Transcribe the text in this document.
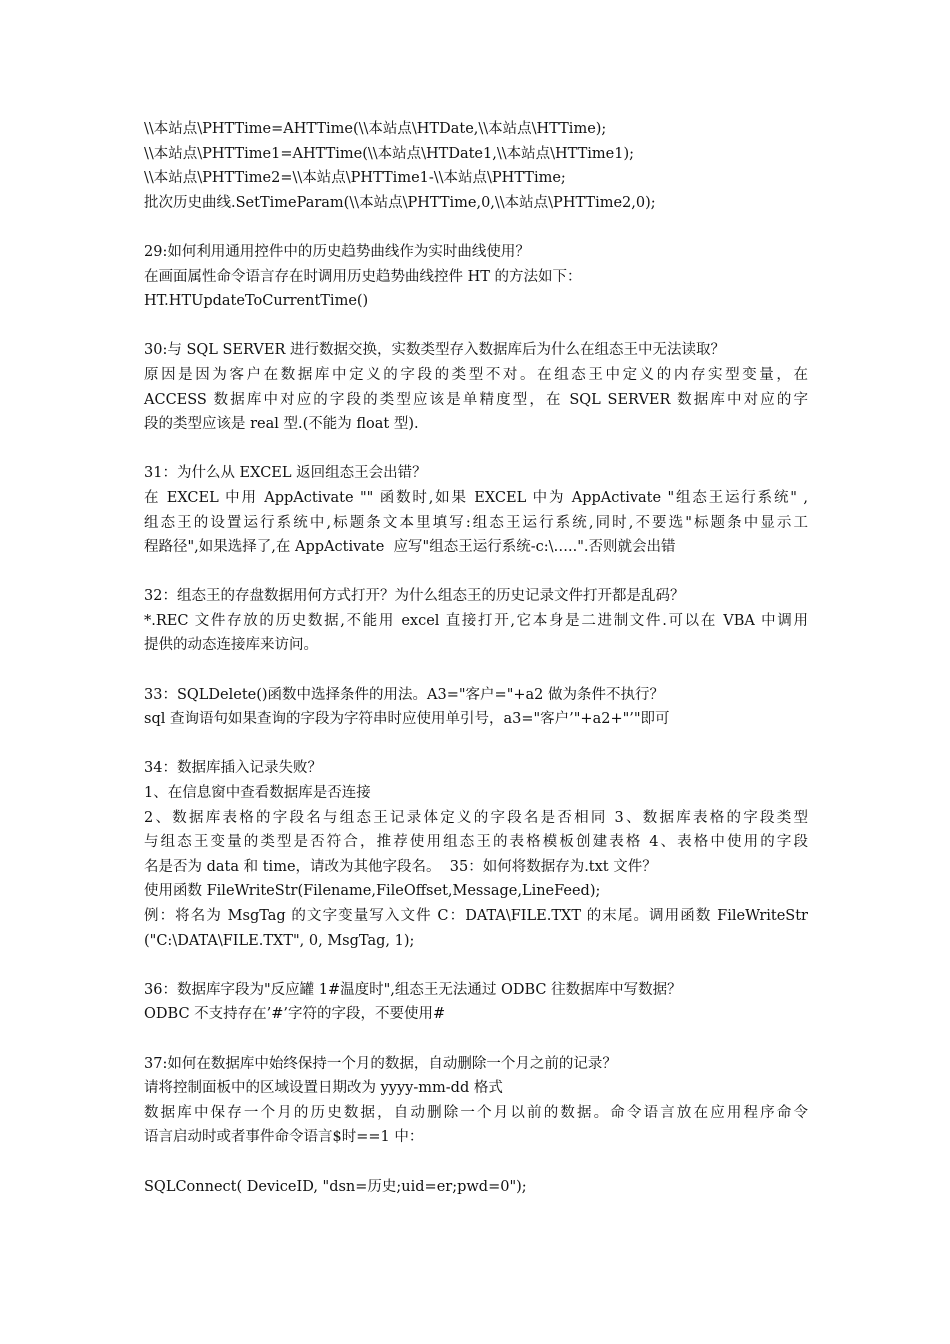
\\本站点\PHTTime=AHTTime(\\本站点\HTDate,\\本站点\HTTime);
\\本站点\PHTTime1=AHTTime(\\本站点\HTDate1,\\本站点\HTTime1);
\\本站点\PHTTime2=\\本站点\PHTTime1-\\本站点\PHTTime;
批次历史曲线.SetTimeParam(\\本站点\PHTTime,0,\\本站点\PHTTime2,0);
29:如何利用通用控件中的历史趋势曲线作为实时曲线使用？
在画面属性命令语言存在时调用历史趋势曲线控件 HT 的方法如下：
HT.HTUpdateToCurrentTime()
30:与 SQL SERVER 进行数据交换，实数类型存入数据库后为什么在组态王中无法读取？
原因是因为客户在数据库中定义的字段的类型不对。在组态王中定义的内存实型变量，在
ACCESS 数据库中对应的字段的类型应该是单精度型，在 SQL SERVER 数据库中对应的字
段的类型应该是 real 型.(不能为 float 型).
31：为什么从 EXCEL 返回组态王会出错？
在 EXCEL 中用 AppActivate "" 函数时,如果 EXCEL 中为 AppActivate "组态王运行系统" ,
组态王的设置运行系统中,标题条文本里填写:组态王运行系统,同时,不要选"标题条中显示工
程路径",如果选择了,在 AppActivate  应写"组态王运行系统-c:\…..".否则就会出错
32：组态王的存盘数据用何方式打开？为什么组态王的历史记录文件打开都是乱码？
*.REC 文件存放的历史数据,不能用 excel 直接打开,它本身是二进制文件.可以在 VBA 中调用
提供的动态连接库来访问。
33：SQLDelete()函数中选择条件的用法。A3="客户="+a2 做为条件不执行？
sql 查询语句如果查询的字段为字符串时应使用单引号，a3="客户’"+a2+"’"即可
34：数据库插入记录失败？
1、在信息窗中查看数据库是否连接
2、数据库表格的字段名与组态王记录体定义的字段名是否相同 3、数据库表格的字段类型
与组态王变量的类型是否符合，推荐使用组态王的表格模板创建表格 4、表格中使用的字段
名是否为 data 和 time，请改为其他字段名。  35：如何将数据存为.txt 文件？
使用函数 FileWriteStr(Filename,FileOffset,Message,LineFeed);
例：将名为 MsgTag 的文字变量写入文件 C：DATA\FILE.TXT 的末尾。调用函数 FileWriteStr
("C:\DATA\FILE.TXT", 0, MsgTag, 1);
36：数据库字段为"反应罐 1#温度时",组态王无法通过 ODBC 往数据库中写数据？
ODBC 不支持存在’#’字符的字段，不要使用#
37:如何在数据库中始终保持一个月的数据，自动删除一个月之前的记录？
请将控制面板中的区域设置日期改为 yyyy-mm-dd 格式
数据库中保存一个月的历史数据，自动删除一个月以前的数据。命令语言放在应用程序命令
语言启动时或者事件命令语言$时==1 中：
SQLConnect( DeviceID, "dsn=历史;uid=er;pwd=0");
